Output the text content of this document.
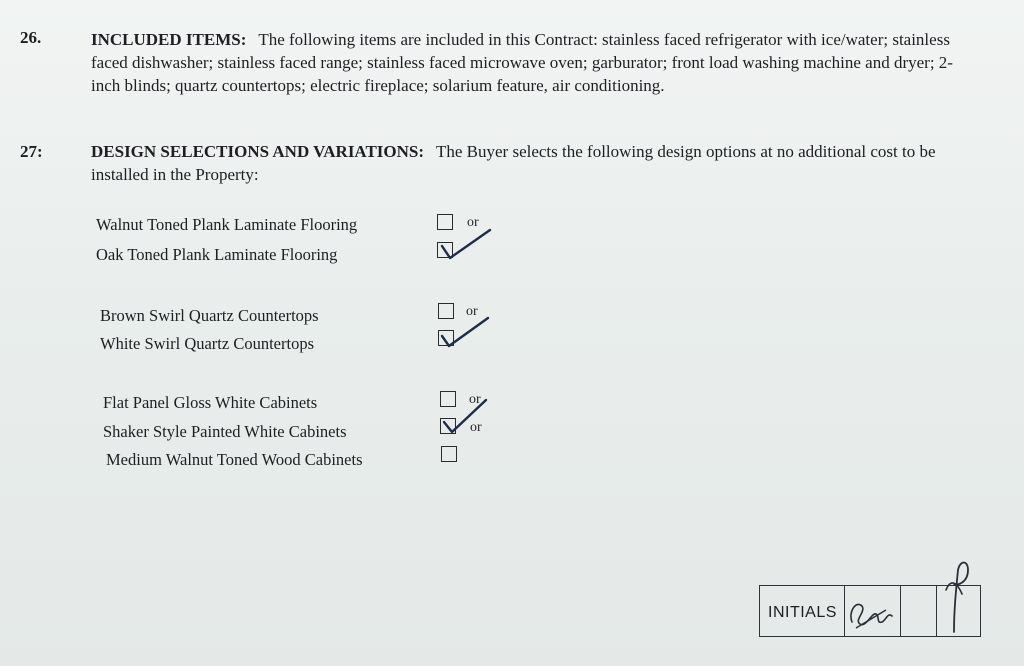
26.	INCLUDED ITEMS: The following items are included in this Contract: stainless faced refrigerator with ice/water; stainless faced dishwasher; stainless faced range; stainless faced microwave oven; garburator; front load washing machine and dryer; 2-inch blinds; quartz countertops; electric fireplace; solarium feature, air conditioning.
27:	DESIGN SELECTIONS AND VARIATIONS: The Buyer selects the following design options at no additional cost to be installed in the Property:
Walnut Toned Plank Laminate Flooring	or
Oak Toned Plank Laminate Flooring
Brown Swirl Quartz Countertops	or
White Swirl Quartz Countertops
Flat Panel Gloss White Cabinets	or
Shaker Style Painted White Cabinets	or
Medium Walnut Toned Wood Cabinets
INITIALS
